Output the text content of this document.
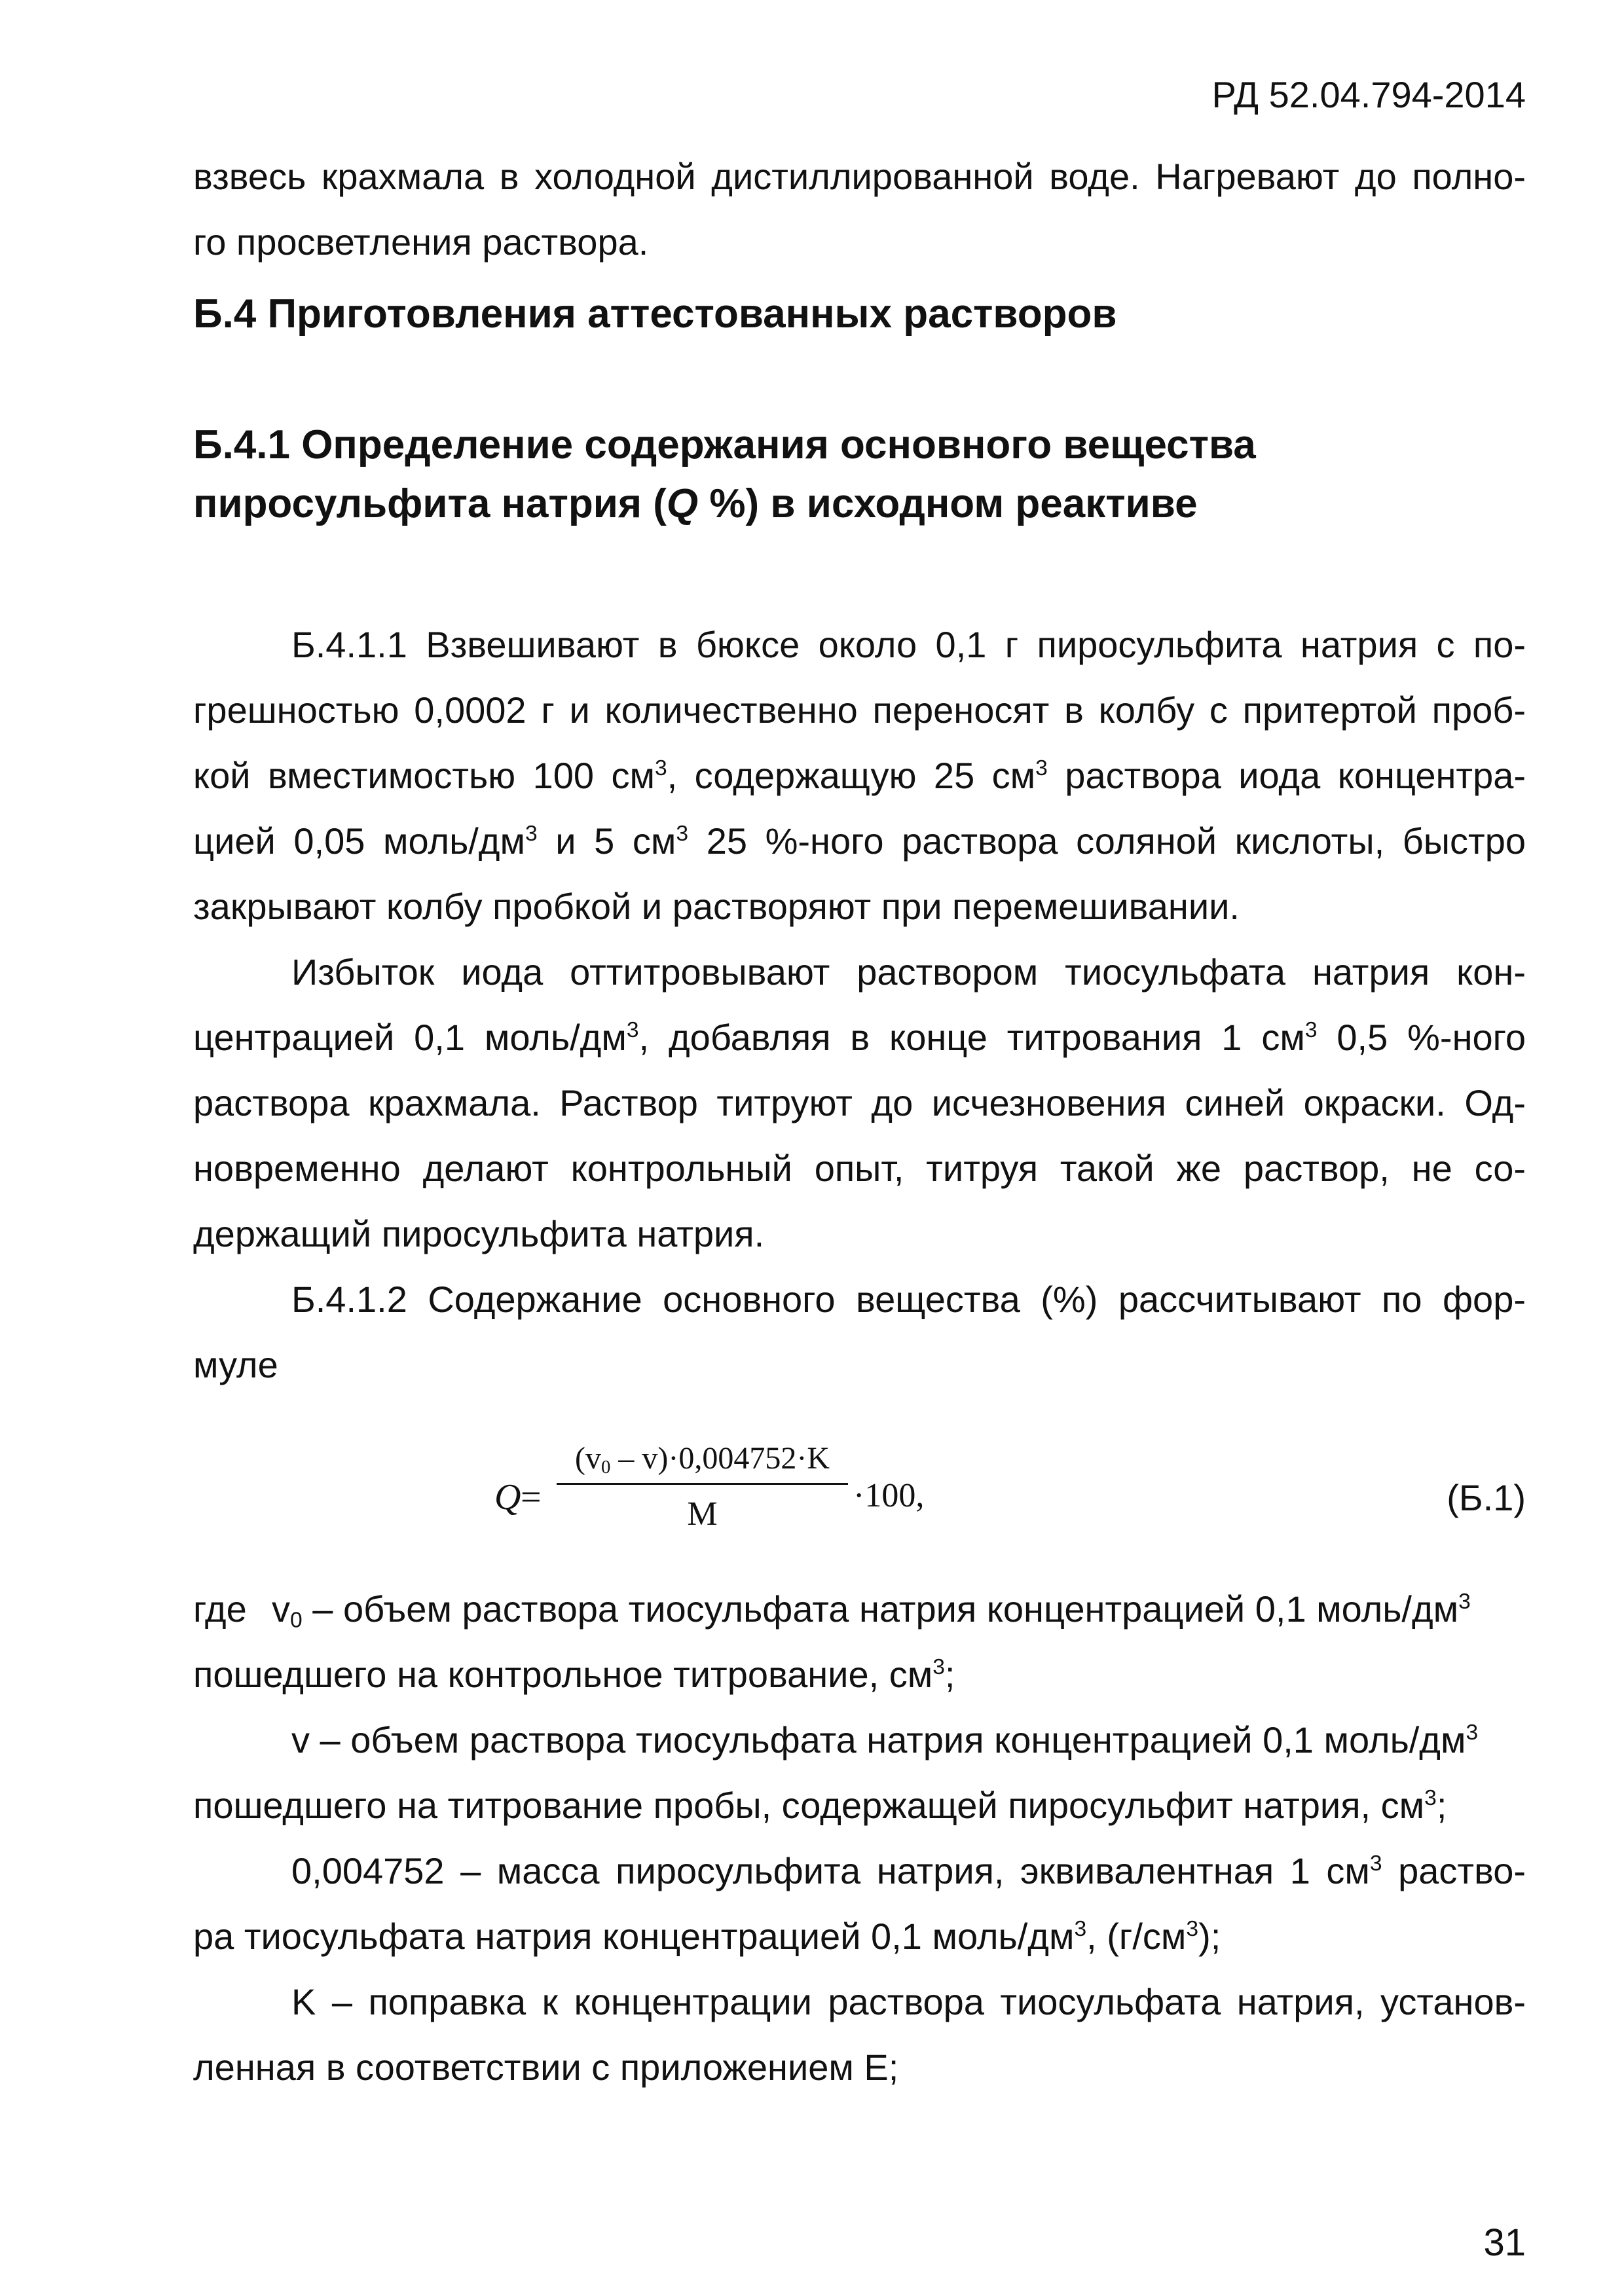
РД 52.04.794-2014
взвесь крахмала в холодной дистиллированной воде. Нагревают до полно-
го просветления раствора.
Б.4 Приготовления аттестованных растворов
Б.4.1 Определение содержания основного вещества
пиросульфита натрия (Q %) в исходном реактиве
Б.4.1.1 Взвешивают в бюксе около 0,1 г пиросульфита натрия с по-
грешностью 0,0002 г и количественно переносят в колбу с притертой проб-
кой вместимостью 100 $см^3$, содержащую 25 $см^3$ раствора иода концентра-
цией 0,05 моль/$дм^3$ и 5 $см^3$ 25 %-ного раствора соляной кислоты, быстро
закрывают колбу пробкой и растворяют при перемешивании.
Избыток иода оттитровывают раствором тиосульфата натрия кон-
центрацией 0,1 моль/$дм^3$, добавляя в конце титрования 1 $см^3$ 0,5 %-ного
раствора крахмала. Раствор титруют до исчезновения синей окраски. Од-
новременно делают контрольный опыт, титруя такой же раствор, не со-
держащий пиросульфита натрия.
Б.4.1.2 Содержание основного вещества (%) рассчитывают по фор-
муле
Q =
$(v_0 - v)\cdot 0,004752\cdot K$
M	·100,	(Б.1)
где $v_0$ – объем раствора тиосульфата натрия концентрацией 0,1 моль/$дм^3$
пошедшего на контрольное титрование, $см^3$;
v – объем раствора тиосульфата натрия концентрацией 0,1 моль/$дм^3$
пошедшего на титрование пробы, содержащей пиросульфит натрия, $см^3$;
0,004752 – масса пиросульфита натрия, эквивалентная 1 $см^3$ раство-
ра тиосульфата натрия концентрацией 0,1 моль/$дм^3$, $(г/см^3)$;
K – поправка к концентрации раствора тиосульфата натрия, установ-
ленная в соответствии с приложением Е;
31
